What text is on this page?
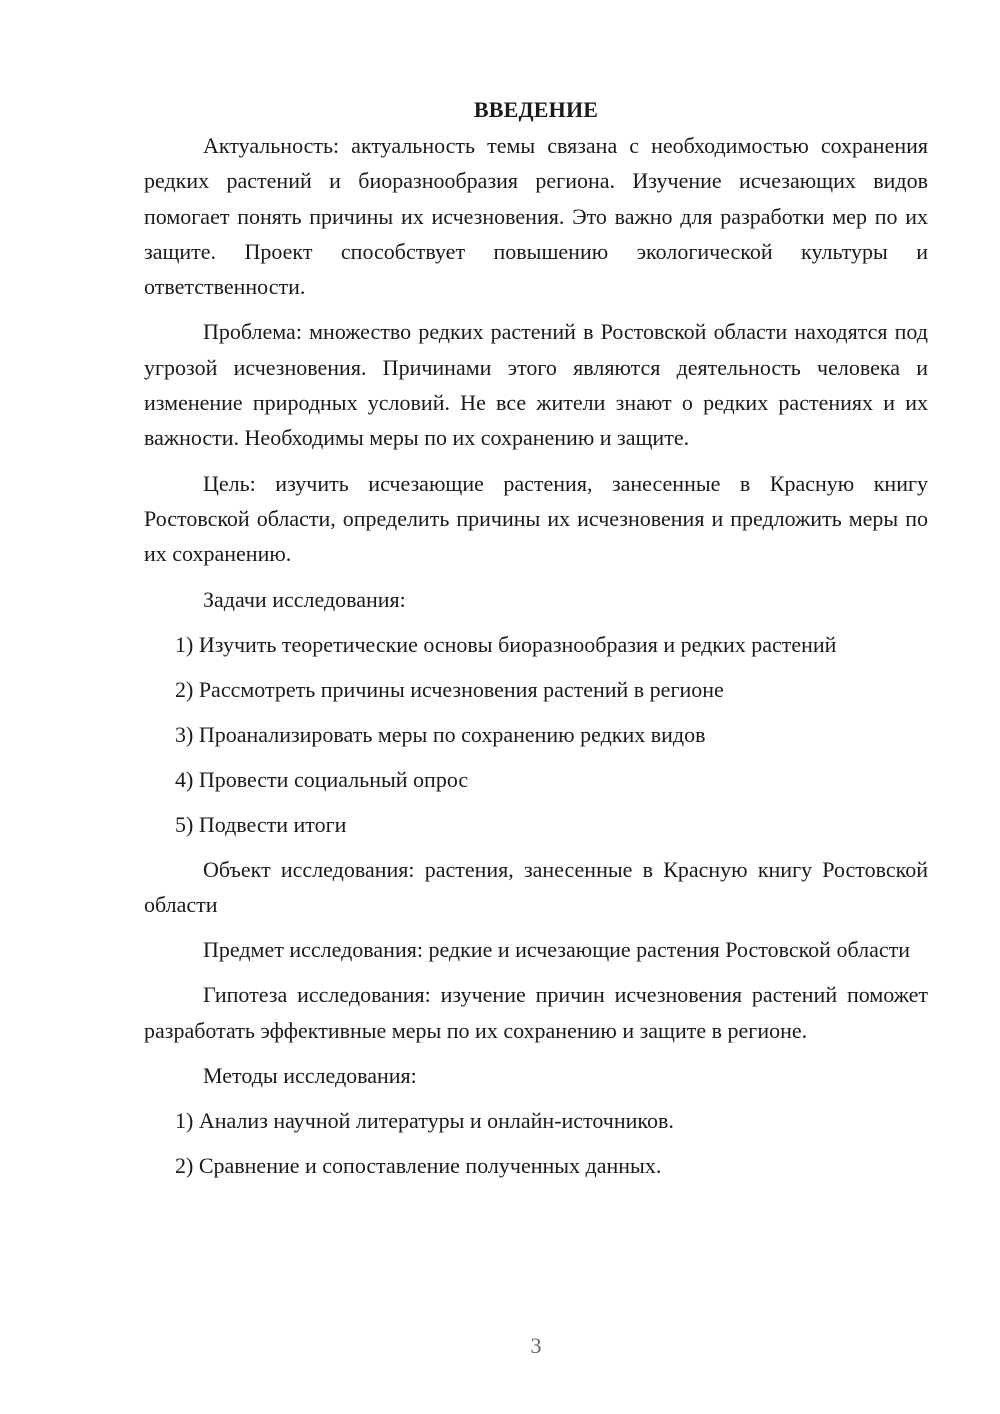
ВВЕДЕНИЕ

Актуальность: актуальность темы связана с необходимостью сохранения редких растений и биоразнообразия региона. Изучение исчезающих видов помогает понять причины их исчезновения. Это важно для разработки мер по их защите. Проект способствует повышению экологической культуры и ответственности.

Проблема: множество редких растений в Ростовской области находятся под угрозой исчезновения. Причинами этого являются деятельность человека и изменение природных условий. Не все жители знают о редких растениях и их важности. Необходимы меры по их сохранению и защите.

Цель: изучить исчезающие растения, занесенные в Красную книгу Ростовской области, определить причины их исчезновения и предложить меры по их сохранению.

Задачи исследования:
1) Изучить теоретические основы биоразнообразия и редких растений
2) Рассмотреть причины исчезновения растений в регионе
3) Проанализировать меры по сохранению редких видов
4) Провести социальный опрос
5) Подвести итоги

Объект исследования: растения, занесенные в Красную книгу Ростовской области

Предмет исследования: редкие и исчезающие растения Ростовской области

Гипотеза исследования: изучение причин исчезновения растений поможет разработать эффективные меры по их сохранению и защите в регионе.

Методы исследования:
1) Анализ научной литературы и онлайн-источников.
2) Сравнение и сопоставление полученных данных.
3
